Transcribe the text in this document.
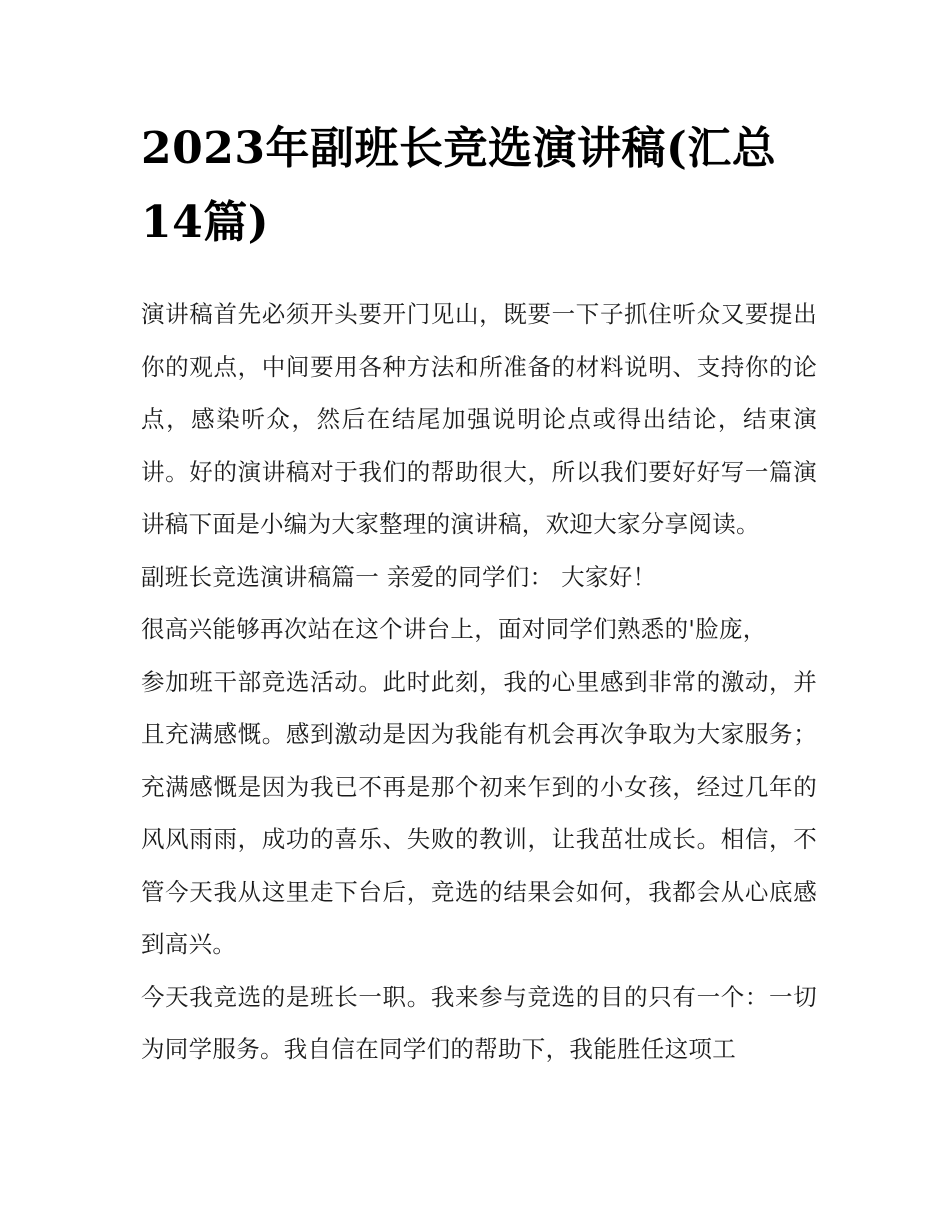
2023年副班长竞选演讲稿(汇总14篇)

演讲稿首先必须开头要开门见山，既要一下子抓住听众又要提出你的观点，中间要用各种方法和所准备的材料说明、支持你的论点，感染听众，然后在结尾加强说明论点或得出结论，结束演讲。好的演讲稿对于我们的帮助很大，所以我们要好好写一篇演讲稿下面是小编为大家整理的演讲稿，欢迎大家分享阅读。

副班长竞选演讲稿篇一 亲爱的同学们： 大家好！

很高兴能够再次站在这个讲台上，面对同学们熟悉的'脸庞，

参加班干部竞选活动。此时此刻，我的心里感到非常的激动，并且充满感慨。感到激动是因为我能有机会再次争取为大家服务；充满感慨是因为我已不再是那个初来乍到的小女孩，经过几年的风风雨雨，成功的喜乐、失败的教训，让我茁壮成长。相信，不管今天我从这里走下台后，竞选的结果会如何，我都会从心底感到高兴。

今天我竞选的是班长一职。我来参与竞选的目的只有一个：一切为同学服务。我自信在同学们的帮助下，我能胜任这项工
